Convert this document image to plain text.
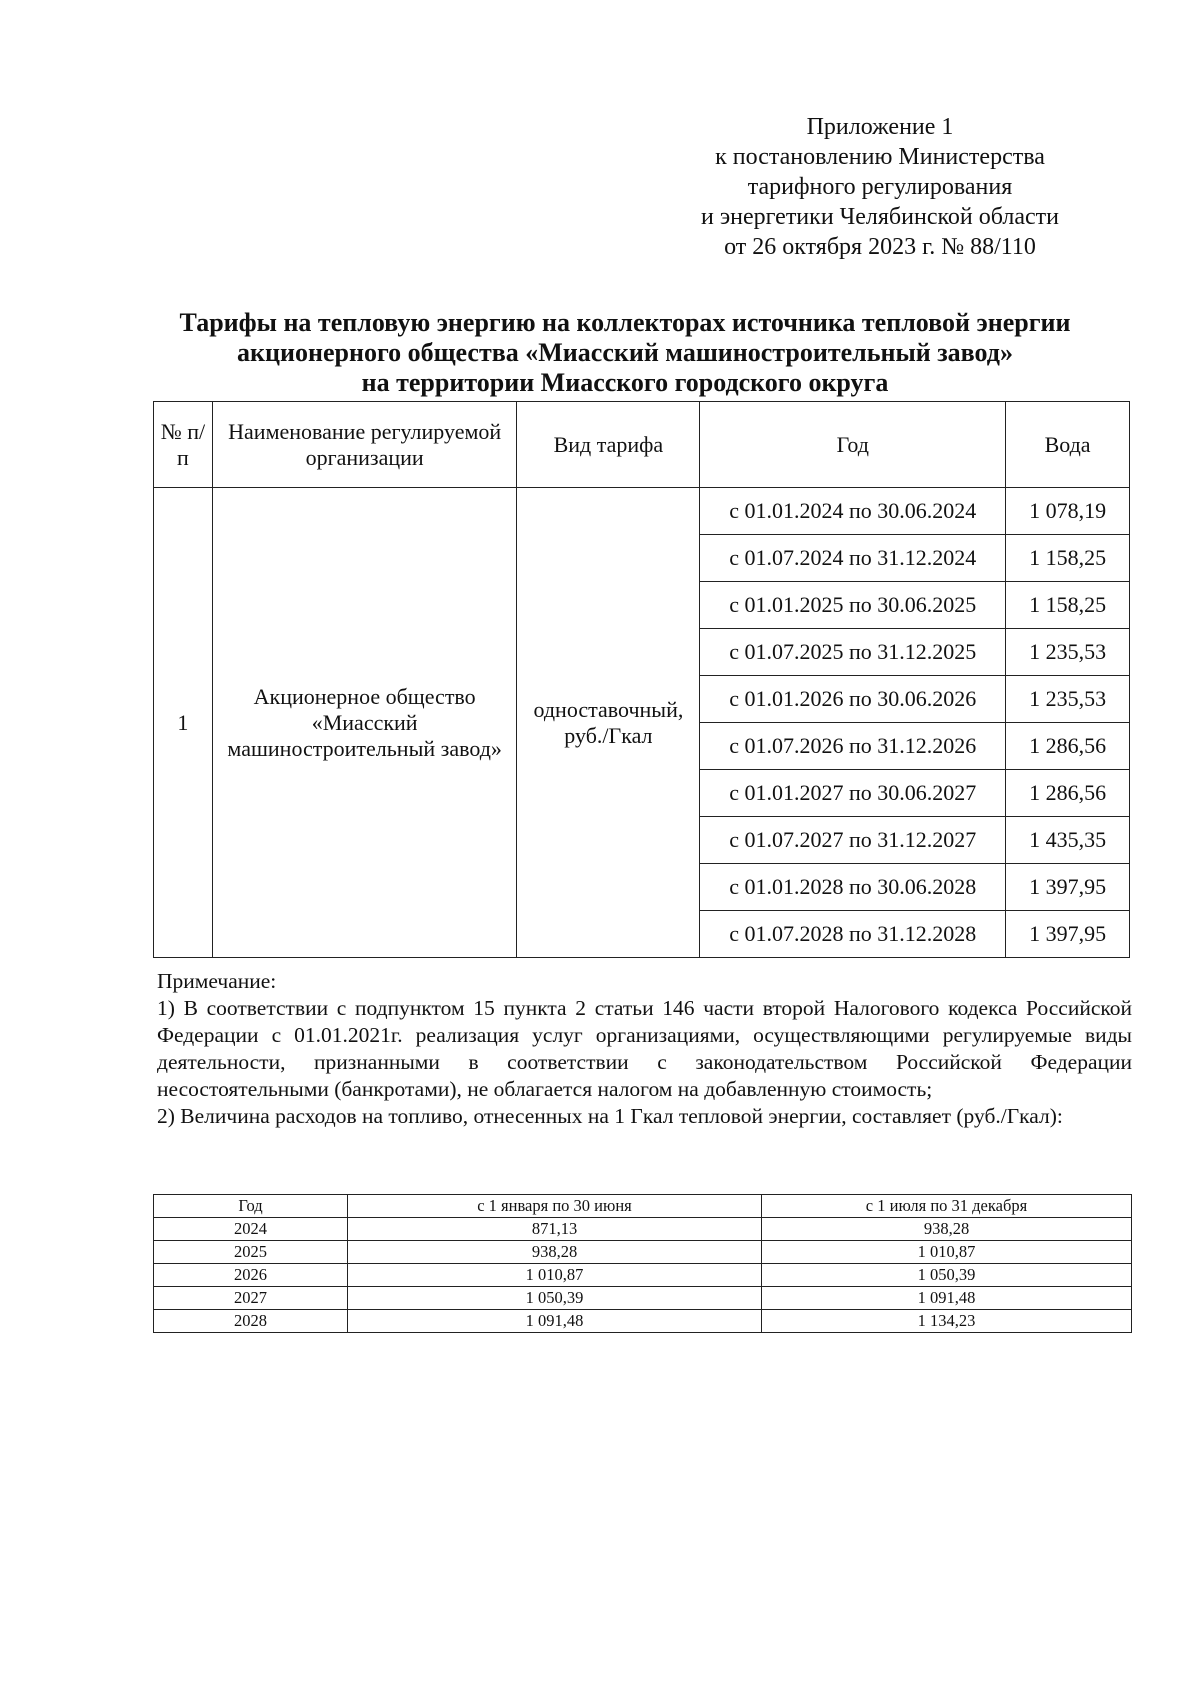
Приложение 1
к постановлению Министерства
тарифного регулирования
и энергетики Челябинской области
от 26 октября 2023 г. № 88/110
Тарифы на тепловую энергию на коллекторах источника тепловой энергии
акционерного общества «Миасский машиностроительный завод»
на территории Миасского городского округа
№ п/п	Наименование регулируемой организации	Вид тарифа	Год	Вода
1	Акционерное общество «Миасский машиностроительный завод»	одноставочный, руб./Гкал	с 01.01.2024 по 30.06.2024	1 078,19
			с 01.07.2024 по 31.12.2024	1 158,25
			с 01.01.2025 по 30.06.2025	1 158,25
			с 01.07.2025 по 31.12.2025	1 235,53
			с 01.01.2026 по 30.06.2026	1 235,53
			с 01.07.2026 по 31.12.2026	1 286,56
			с 01.01.2027 по 30.06.2027	1 286,56
			с 01.07.2027 по 31.12.2027	1 435,35
			с 01.01.2028 по 30.06.2028	1 397,95
			с 01.07.2028 по 31.12.2028	1 397,95

Примечание:

1) В соответствии с подпунктом 15 пункта 2 статьи 146 части второй Налогового кодекса Российской Федерации с 01.01.2021г. реализация услуг организациями, осуществляющими регулируемые виды деятельности, признанными в соответствии с законодательством Российской Федерации несостоятельными (банкротами), не облагается налогом на добавленную стоимость;

2) Величина расходов на топливо, отнесенных на 1 Гкал тепловой энергии, составляет (руб./Гкал):

Год	с 1 января по 30 июня	с 1 июля по 31 декабря
2024	871,13	938,28
2025	938,28	1 010,87
2026	1 010,87	1 050,39
2027	1 050,39	1 091,48
2028	1 091,48	1 134,23
